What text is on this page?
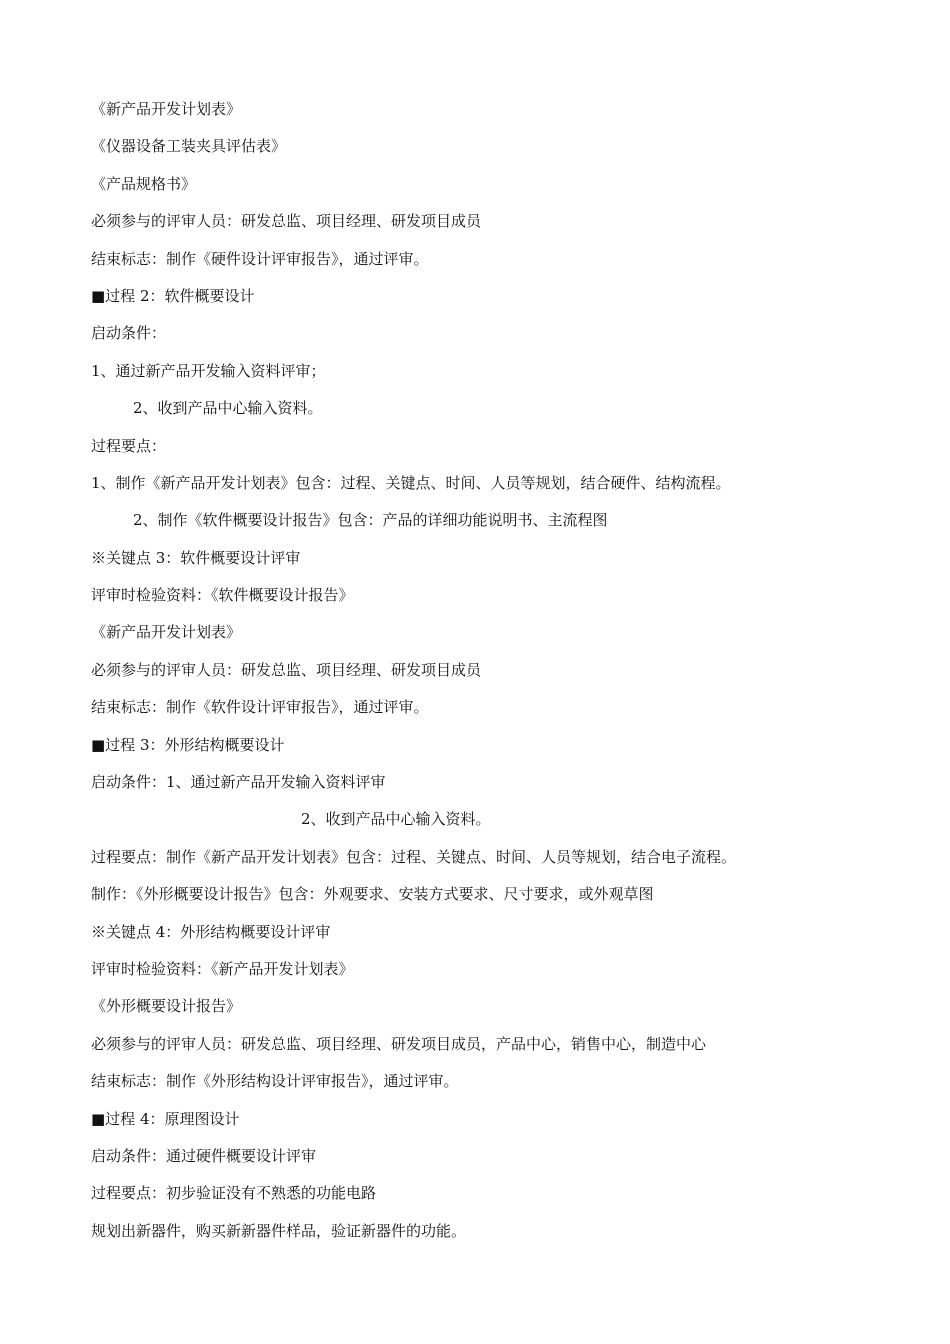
《新产品开发计划表》
《仪器设备工装夹具评估表》
《产品规格书》
必须参与的评审人员：研发总监、项目经理、研发项目成员
结束标志：制作《硬件设计评审报告》，通过评审。
■过程 2：软件概要设计
启动条件：
1、通过新产品开发输入资料评审；
2、收到产品中心输入资料。
过程要点：
1、制作《新产品开发计划表》包含：过程、关键点、时间、人员等规划，结合硬件、结构流程。
2、制作《软件概要设计报告》包含：产品的详细功能说明书、主流程图
※关键点 3：软件概要设计评审
评审时检验资料：《软件概要设计报告》
《新产品开发计划表》
必须参与的评审人员：研发总监、项目经理、研发项目成员
结束标志：制作《软件设计评审报告》，通过评审。
■过程 3：外形结构概要设计
启动条件：1、通过新产品开发输入资料评审
2、收到产品中心输入资料。
过程要点：制作《新产品开发计划表》包含：过程、关键点、时间、人员等规划，结合电子流程。
制作：《外形概要设计报告》包含：外观要求、安装方式要求、尺寸要求，或外观草图
※关键点 4：外形结构概要设计评审
评审时检验资料：《新产品开发计划表》
《外形概要设计报告》
必须参与的评审人员：研发总监、项目经理、研发项目成员，产品中心，销售中心，制造中心
结束标志：制作《外形结构设计评审报告》，通过评审。
■过程 4：原理图设计
启动条件：通过硬件概要设计评审
过程要点：初步验证没有不熟悉的功能电路
规划出新器件，购买新新器件样品，验证新器件的功能。
